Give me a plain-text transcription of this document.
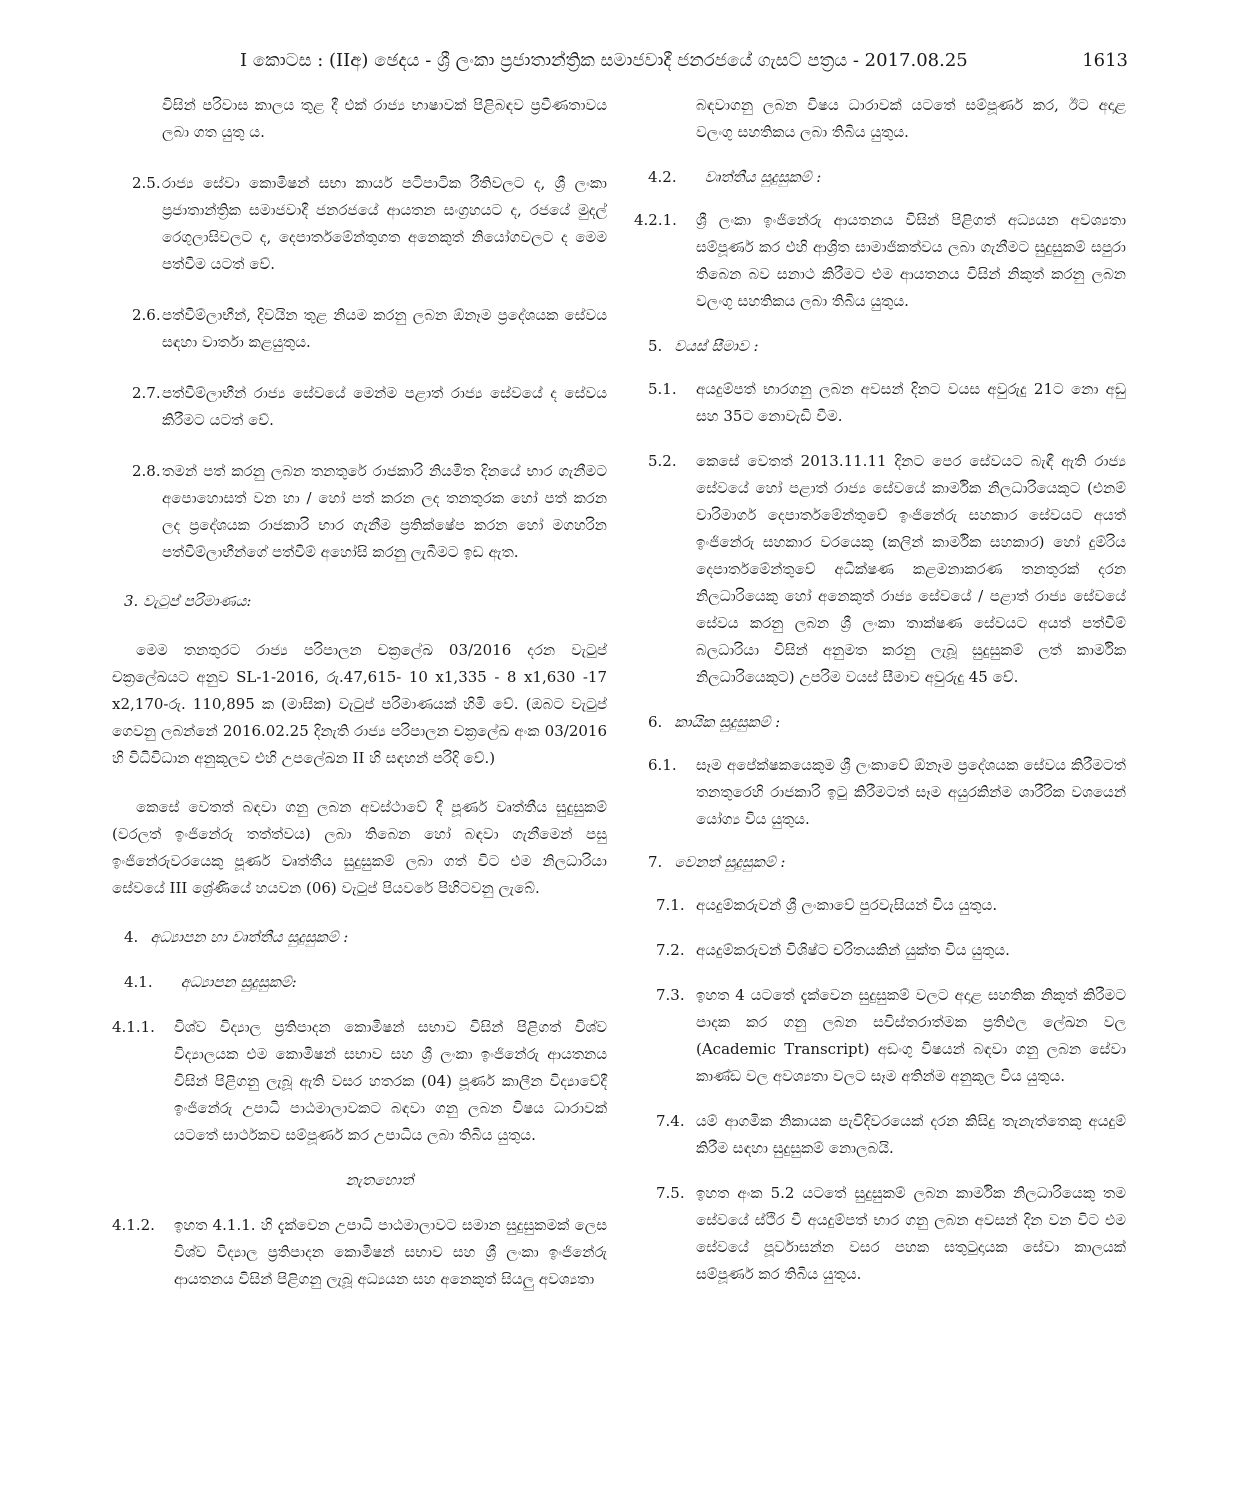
I කොටස : (IIඅ) ඡෙදය - ශ්‍රී ලංකා ප්‍රජාතාන්ත්‍රික සමාජවාදී ජනරජයේ ගැසට් පත්‍රය - 2017.08.25	1613

විසින් පරිවාස කාලය තුළ දී එක් රාජ්‍ය භාෂාවක් පිළිබඳව ප්‍රවීණතාවය ලබා ගත යුතු ය.

2.5. රාජ්‍ය සේවා කොමිෂන් සභා කාර්ය පටිපාටික රීතිවලට ද, ශ්‍රී ලංකා ප්‍රජාතාන්ත්‍රික සමාජවාදී ජනරජයේ ආයතන සංග්‍රහයට ද, රජයේ මුදල් රෙගුලාසිවලට ද, දෙපාර්තමේන්තුගත අනෙකුත් නියෝගවලට ද මෙම පත්වීම යටත් වේ.
2.6. පත්වීම්ලාභීන්, දිවයින තුළ නියම කරනු ලබන ඕනෑම ප්‍රදේශයක සේවය සඳහා වාර්තා කළයුතුය.
2.7. පත්වීම්ලාභීන් රාජ්‍ය සේවයේ මෙන්ම පළාත් රාජ්‍ය සේවයේ ද සේවය කිරීමට යටත් වේ.
2.8. තමන් පත් කරනු ලබන තනතුරේ රාජකාරි නියමිත දිනයේ භාර ගැනීමට අපොහොසත් වන හා / හෝ පත් කරන ලද තනතුරක හෝ පත් කරන ලද ප්‍රදේශයක රාජකාරි භාර ගැනීම ප්‍රතික්ෂේප කරන හෝ මගහරින පත්වීම්ලාභීන්ගේ පත්වීම් අහෝසි කරනු ලැබීමට ඉඩ ඇත.

3. වැටුප් පරිමාණය:

මෙම තනතුරට රාජ්‍ය පරිපාලන චක්‍රලේඛ 03/2016 දරන වැටුප් චක්‍රලේඛයට අනුව SL-1-2016, රු.47,615- 10 x1,335 - 8 x1,630 -17 x2,170-රු. 110,895 ක (මාසික) වැටුප් පරිමාණයක් හිමි වේ. (ඔබට වැටුප් ගෙවනු ලබන්නේ 2016.02.25 දිනැති රාජ්‍ය පරිපාලන චක්‍රලේඛ අංක 03/2016 හි විධිවිධාන අනුකූලව එහි උපලේඛන II හි සඳහන් පරිදි වේ.)

කෙසේ වෙතත් බඳවා ගනු ලබන අවස්ථාවේ දී පූර්ණ වෘත්තීය සුදුසුකම් (වරලත් ඉංජිනේරු තත්ත්වය) ලබා තිබෙන හෝ බඳවා ගැනීමෙන් පසු ඉංජිනේරුවරයෙකු පූර්ණ වෘත්තීය සුදුසුකම් ලබා ගත් විට එම නිලධාරියා සේවයේ III ශ්‍රේණියේ හයවන (06) වැටුප් පියවරේ පිහිටවනු ලැබේ.

4. අධ්‍යාපන හා වෘත්තීය සුදුසුකම් :

4.1. අධ්‍යාපන සුදුසුකම්:

4.1.1. විශ්ව විද්‍යාල ප්‍රතිපාදන කොමිෂන් සභාව විසින් පිළිගත් විශ්ව විද්‍යාලයක එම කොමිෂන් සභාව සහ ශ්‍රී ලංකා ඉංජිනේරු ආයතනය විසින් පිළිගනු ලැබූ ඇති වසර හතරක (04) පූර්ණ කාලීන විද්‍යාවේදී ඉංජිනේරු උපාධි පාඨමාලාවකට බඳවා ගනු ලබන විෂය ධාරාවක් යටතේ සාර්ථකව සම්පූර්ණ කර උපාධිය ලබා තිබිය යුතුය.

නැතහොත්

4.1.2. ඉහත 4.1.1. හි දැක්වෙන උපාධි පාඨමාලාවට සමාන සුදුසුකමක් ලෙස විශ්ව විද්‍යාල ප්‍රතිපාදන කොමිෂන් සභාව සහ ශ්‍රී ලංකා ඉංජිනේරු ආයතනය විසින් පිළිගනු ලැබූ අධ්‍යයන සහ අනෙකුත් සියලු අවශ්‍යතා

බඳවාගනු ලබන විෂය ධාරාවක් යටතේ සම්පූර්ණ කර, ඊට අදාළ වලංගු සහතිකය ලබා තිබිය යුතුය.

4.2. වෘත්තීය සුදුසුකම් :

4.2.1. ශ්‍රී ලංකා ඉංජිනේරු ආයතනය විසින් පිළිගත් අධ්‍යයන අවශ්‍යතා සම්පූර්ණ කර එහි ආශ්‍රිත සාමාජිකත්වය ලබා ගැනීමට සුදුසුකම් සපුරා තිබෙන බව සනාථ කිරීමට එම ආයතනය විසින් නිකුත් කරනු ලබන වලංගු සහතිකය ලබා තිබිය යුතුය.

5. වයස් සීමාව :

5.1. අයදුම්පත් භාරගනු ලබන අවසන් දිනට වයස අවුරුදු 21ට නො අඩු සහ 35ට නොවැඩි වීම.
5.2. කෙසේ වෙතත් 2013.11.11 දිනට පෙර සේවයට බැඳී ඇති රාජ්‍ය සේවයේ හෝ පළාත් රාජ්‍ය සේවයේ කාර්මික නිලධාරියෙකුට (එනම් වාරිමාර්ග දෙපාර්තමේන්තුවේ ඉංජිනේරු සහකාර සේවයට අයත් ඉංජිනේරු සහකාර වරයෙකු (කලින් කාර්මික සහකාර) හෝ දුම්රිය දෙපාර්තමේන්තුවේ අධීක්ෂණ කළමනාකරණ තනතුරක් දරන නිලධාරියෙකු හෝ අනෙකුත් රාජ්‍ය සේවයේ / පළාත් රාජ්‍ය සේවයේ සේවය කරනු ලබන ශ්‍රී ලංකා තාක්ෂණ සේවයට අයත් පත්වීම් බලධාරියා විසින් අනුමත කරනු ලැබූ සුදුසුකම් ලත් කාර්මික නිලධාරියෙකුට) උපරිම වයස් සීමාව අවුරුදු 45 වේ.

6. කායික සුදුසුකම් :

6.1. සෑම අපේක්ෂකයෙකුම ශ්‍රී ලංකාවේ ඕනෑම ප්‍රදේශයක සේවය කිරීමටත් තනතුරෙහි රාජකාරි ඉටු කිරීමටත් සෑම අයුරකින්ම ශාරීරික වශයෙන් යෝග්‍ය විය යුතුය.

7. වෙනත් සුදුසුකම් :

7.1. අයදුම්කරුවන් ශ්‍රී ලංකාවේ පුරවැසියන් විය යුතුය.
7.2. අයදුම්කරුවන් විශිෂ්ට චරිතයකින් යුක්ත විය යුතුය.
7.3. ඉහත 4 යටතේ දැක්වෙන සුදුසුකම් වලට අදාළ සහතික නිකුත් කිරීමට පාදක කර ගනු ලබන සවිස්තරාත්මක ප්‍රතිඵල ලේඛන වල (Academic Transcript) අඩංගු විෂයන් බඳවා ගනු ලබන සේවා කාණ්ඩ වල අවශ්‍යතා වලට සෑම අතින්ම අනුකූල විය යුතුය.
7.4. යම් ආගමික නිකායක පැවිදිවරයෙක් දරන කිසිදු තැනැත්තෙකු අයදුම් කිරීම සඳහා සුදුසුකම් නොලබයි.
7.5. ඉහත අංක 5.2 යටතේ සුදුසුකම් ලබන කාර්මික නිලධාරියෙකු තම සේවයේ ස්ථිර වී අයදුම්පත් භාර ගනු ලබන අවසන් දින වන විට එම සේවයේ පූර්වාසන්න වසර පහක සතුටුදායක සේවා කාලයක් සම්පූර්ණ කර තිබිය යුතුය.
